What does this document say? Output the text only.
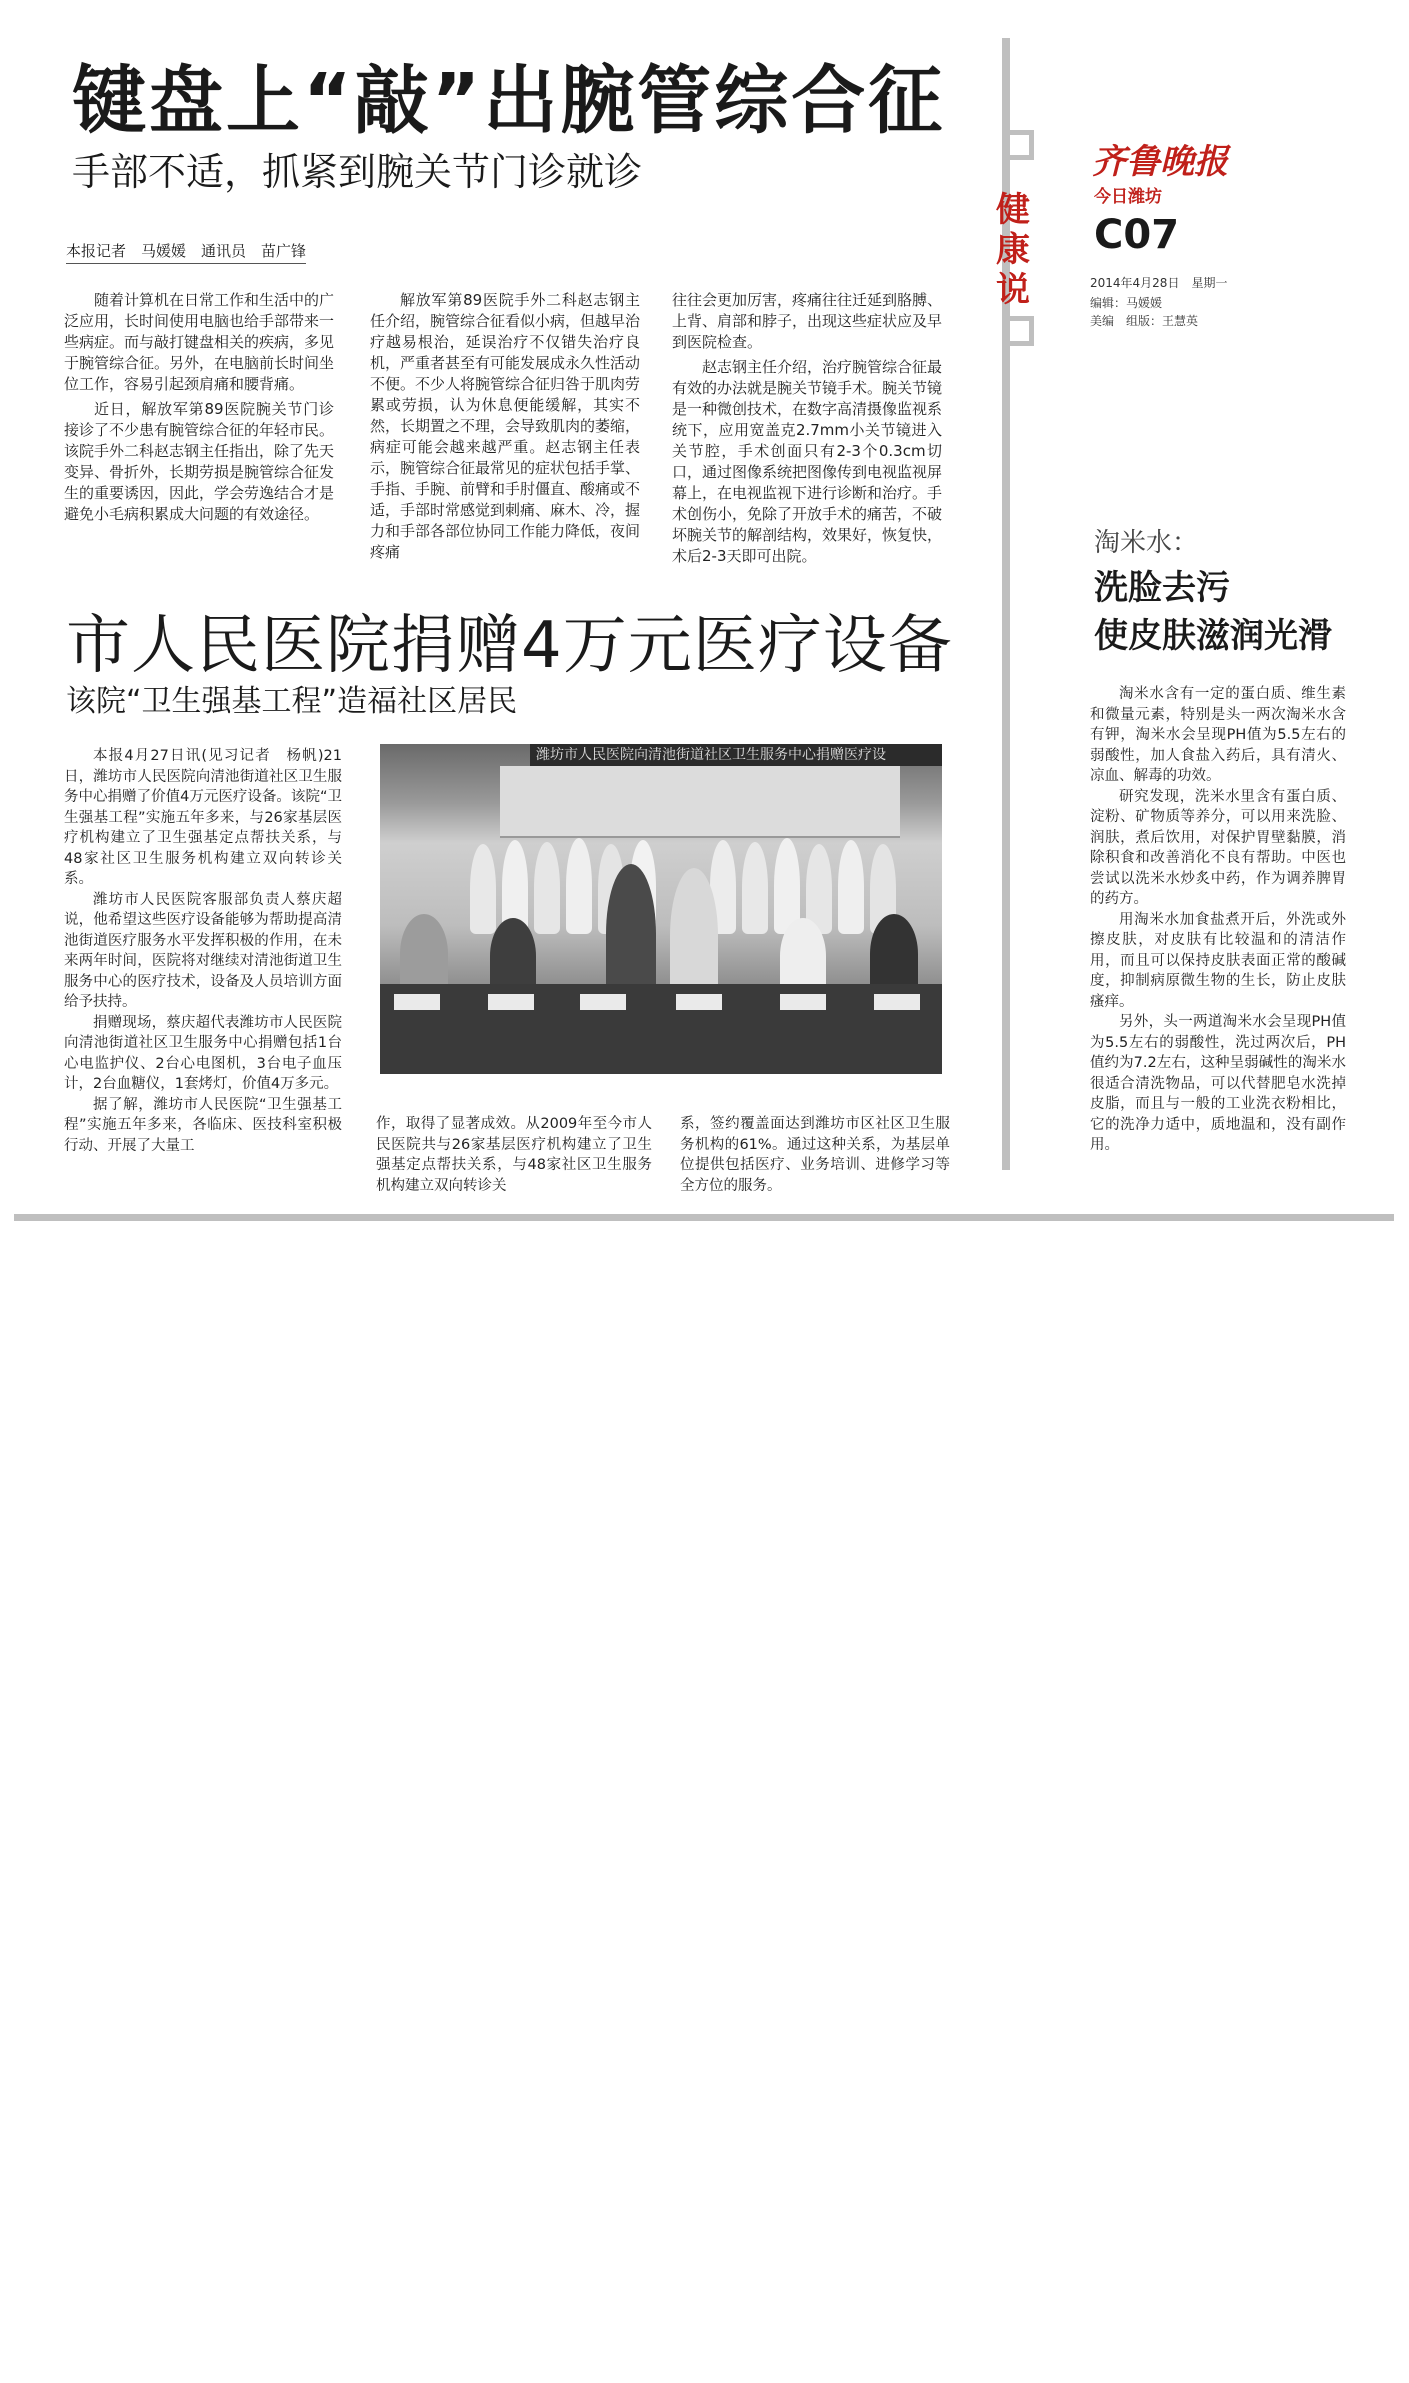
键盘上“敲”出腕管综合征
手部不适，抓紧到腕关节门诊就诊
本报记者　马媛媛　通讯员　苗广锋

随着计算机在日常工作和生活中的广泛应用，长时间使用电脑也给手部带来一些病症。而与敲打键盘相关的疾病，多见于腕管综合征。另外，在电脑前长时间坐位工作，容易引起颈肩痛和腰背痛。

近日，解放军第89医院腕关节门诊接诊了不少患有腕管综合征的年轻市民。该院手外二科赵志钢主任指出，除了先天变异、骨折外，长期劳损是腕管综合征发生的重要诱因，因此，学会劳逸结合才是避免小毛病积累成大问题的有效途径。

解放军第89医院手外二科赵志钢主任介绍，腕管综合征看似小病，但越早治疗越易根治，延误治疗不仅错失治疗良机，严重者甚至有可能发展成永久性活动不便。不少人将腕管综合征归咎于肌肉劳累或劳损，认为休息便能缓解，其实不然，长期置之不理，会导致肌肉的萎缩，病症可能会越来越严重。赵志钢主任表示，腕管综合征最常见的症状包括手掌、手指、手腕、前臂和手肘僵直、酸痛或不适，手部时常感觉到刺痛、麻木、冷，握力和手部各部位协同工作能力降低，夜间疼痛

往往会更加厉害，疼痛往往迁延到胳膊、上背、肩部和脖子，出现这些症状应及早到医院检查。

赵志钢主任介绍，治疗腕管综合征最有效的办法就是腕关节镜手术。腕关节镜是一种微创技术，在数字高清摄像监视系统下，应用宽盖克2.7mm小关节镜进入关节腔，手术创面只有2-3个0.3cm切口，通过图像系统把图像传到电视监视屏幕上，在电视监视下进行诊断和治疗。手术创伤小，免除了开放手术的痛苦，不破坏腕关节的解剖结构，效果好，恢复快，术后2-3天即可出院。

市人民医院捐赠4万元医疗设备
该院“卫生强基工程”造福社区居民

本报4月27日讯(见习记者　杨帆)21日，潍坊市人民医院向清池街道社区卫生服务中心捐赠了价值4万元医疗设备。该院“卫生强基工程”实施五年多来，与26家基层医疗机构建立了卫生强基定点帮扶关系，与48家社区卫生服务机构建立双向转诊关系。

潍坊市人民医院客服部负责人蔡庆超说，他希望这些医疗设备能够为帮助提高清池街道医疗服务水平发挥积极的作用，在未来两年时间，医院将对继续对清池街道卫生服务中心的医疗技术，设备及人员培训方面给予扶持。

捐赠现场，蔡庆超代表潍坊市人民医院向清池街道社区卫生服务中心捐赠包括1台心电监护仪、2台心电图机，3台电子血压计，2台血糖仪，1套烤灯，价值4万多元。

据了解，潍坊市人民医院“卫生强基工程”实施五年多来，各临床、医技科室积极行动、开展了大量工

潍坊市人民医院向清池街道社区卫生服务中心捐赠医疗设

作，取得了显著成效。从2009年至今市人民医院共与26家基层医疗机构建立了卫生强基定点帮扶关系，与48家社区卫生服务机构建立双向转诊关

系，签约覆盖面达到潍坊市区社区卫生服务机构的61%。通过这种关系，为基层单位提供包括医疗、业务培训、进修学习等全方位的服务。

健康说
齐鲁晚报
今日潍坊
C07
2014年4月28日　星期一
编辑：马媛媛
美编　组版：王慧英
淘米水：
洗脸去污
使皮肤滋润光滑

淘米水含有一定的蛋白质、维生素和微量元素，特别是头一两次淘米水含有钾，淘米水会呈现PH值为5.5左右的弱酸性，加人食盐入药后，具有清火、凉血、解毒的功效。

研究发现，洗米水里含有蛋白质、淀粉、矿物质等养分，可以用来洗脸、润肤，煮后饮用，对保护胃壁黏膜，消除积食和改善消化不良有帮助。中医也尝试以洗米水炒炙中药，作为调养脾胃的药方。

用淘米水加食盐煮开后，外洗或外擦皮肤，对皮肤有比较温和的清洁作用，而且可以保持皮肤表面正常的酸碱度，抑制病原微生物的生长，防止皮肤瘙痒。

另外，头一两道淘米水会呈现PH值为5.5左右的弱酸性，洗过两次后，PH值约为7.2左右，这种呈弱碱性的淘米水很适合清洗物品，可以代替肥皂水洗掉皮脂，而且与一般的工业洗衣粉相比，它的洗净力适中，质地温和，没有副作用。
